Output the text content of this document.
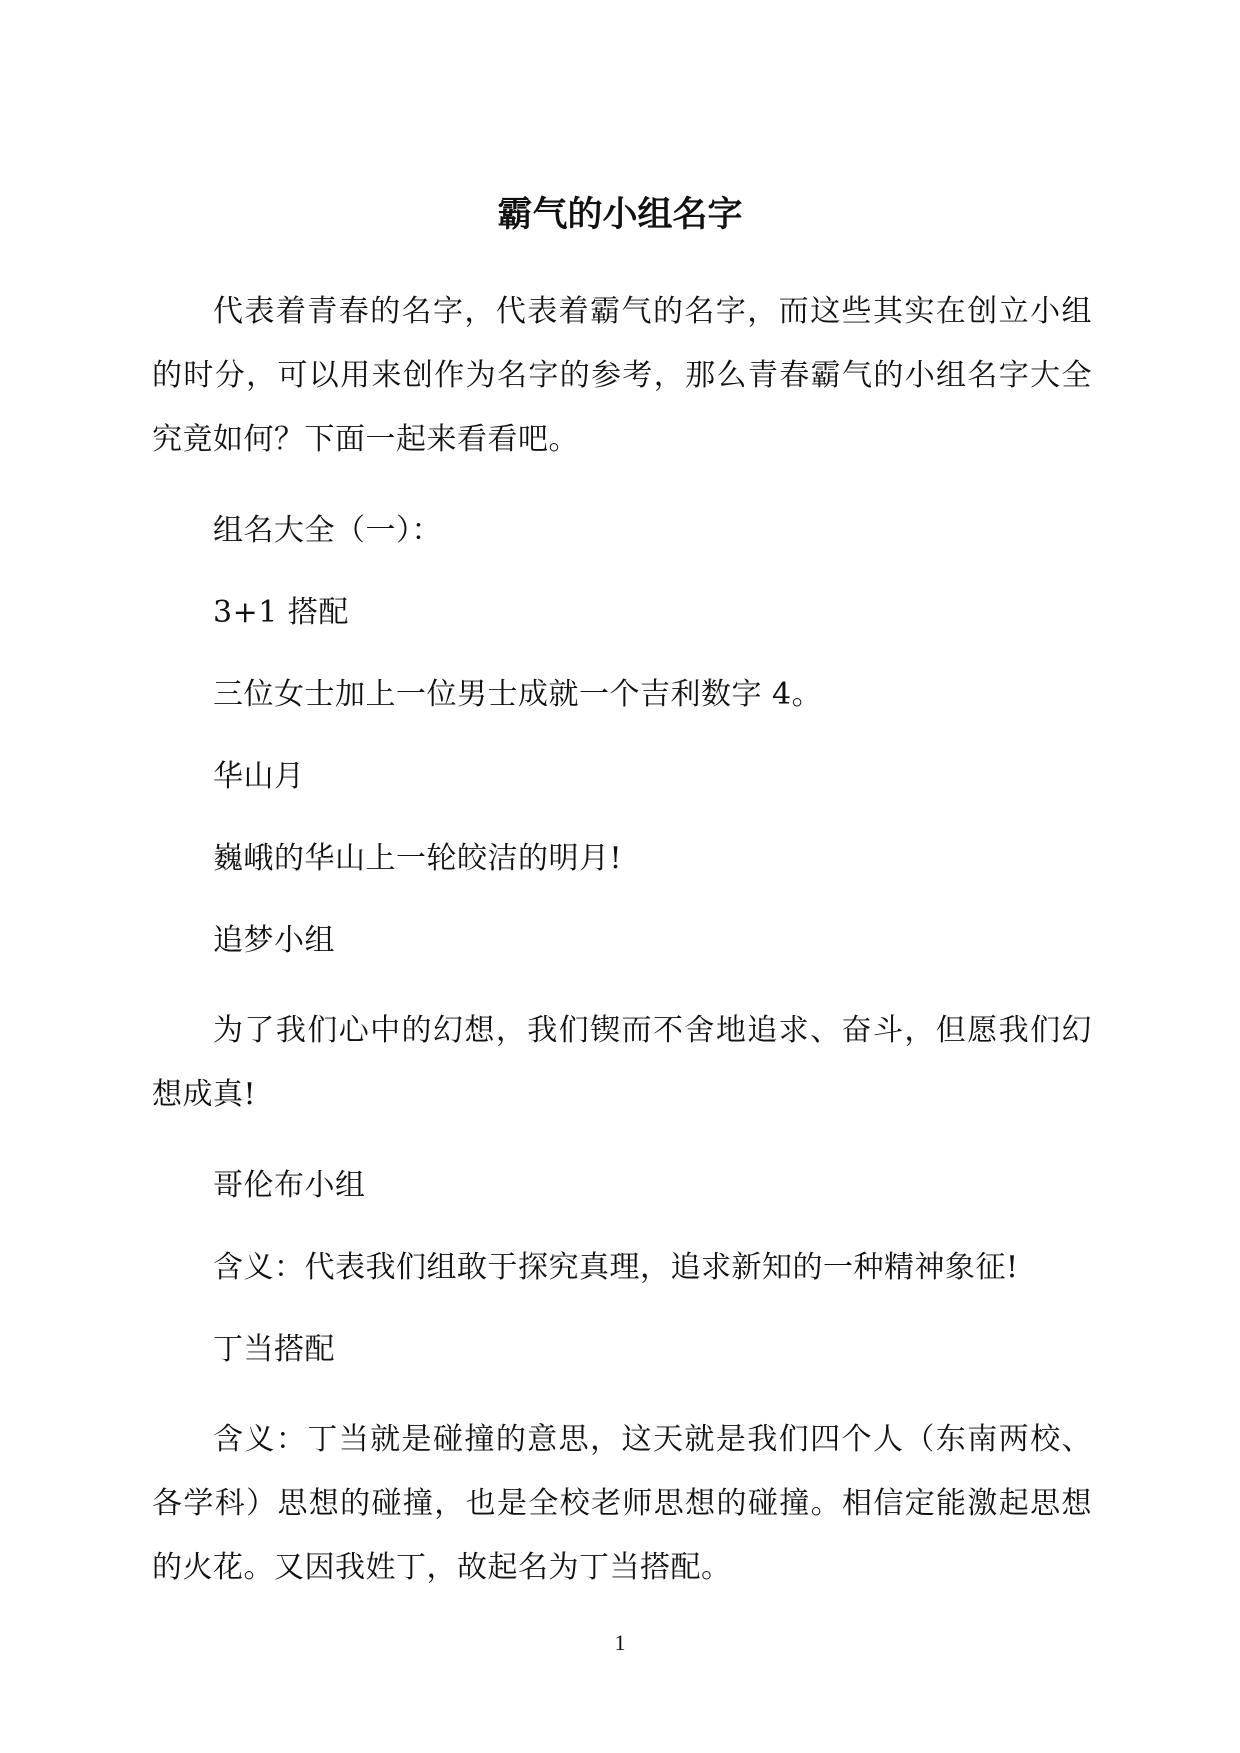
霸气的小组名字

代表着青春的名字，代表着霸气的名字，而这些其实在创立小组的时分，可以用来创作为名字的参考，那么青春霸气的小组名字大全究竟如何？下面一起来看看吧。

组名大全（一）：

3+1 搭配

三位女士加上一位男士成就一个吉利数字 4。

华山月

巍峨的华山上一轮皎洁的明月!

追梦小组

为了我们心中的幻想，我们锲而不舍地追求、奋斗，但愿我们幻想成真!

哥伦布小组

含义：代表我们组敢于探究真理，追求新知的一种精神象征!

丁当搭配

含义：丁当就是碰撞的意思，这天就是我们四个人（东南两校、各学科）思想的碰撞，也是全校老师思想的碰撞。相信定能激起思想的火花。又因我姓丁，故起名为丁当搭配。

1
